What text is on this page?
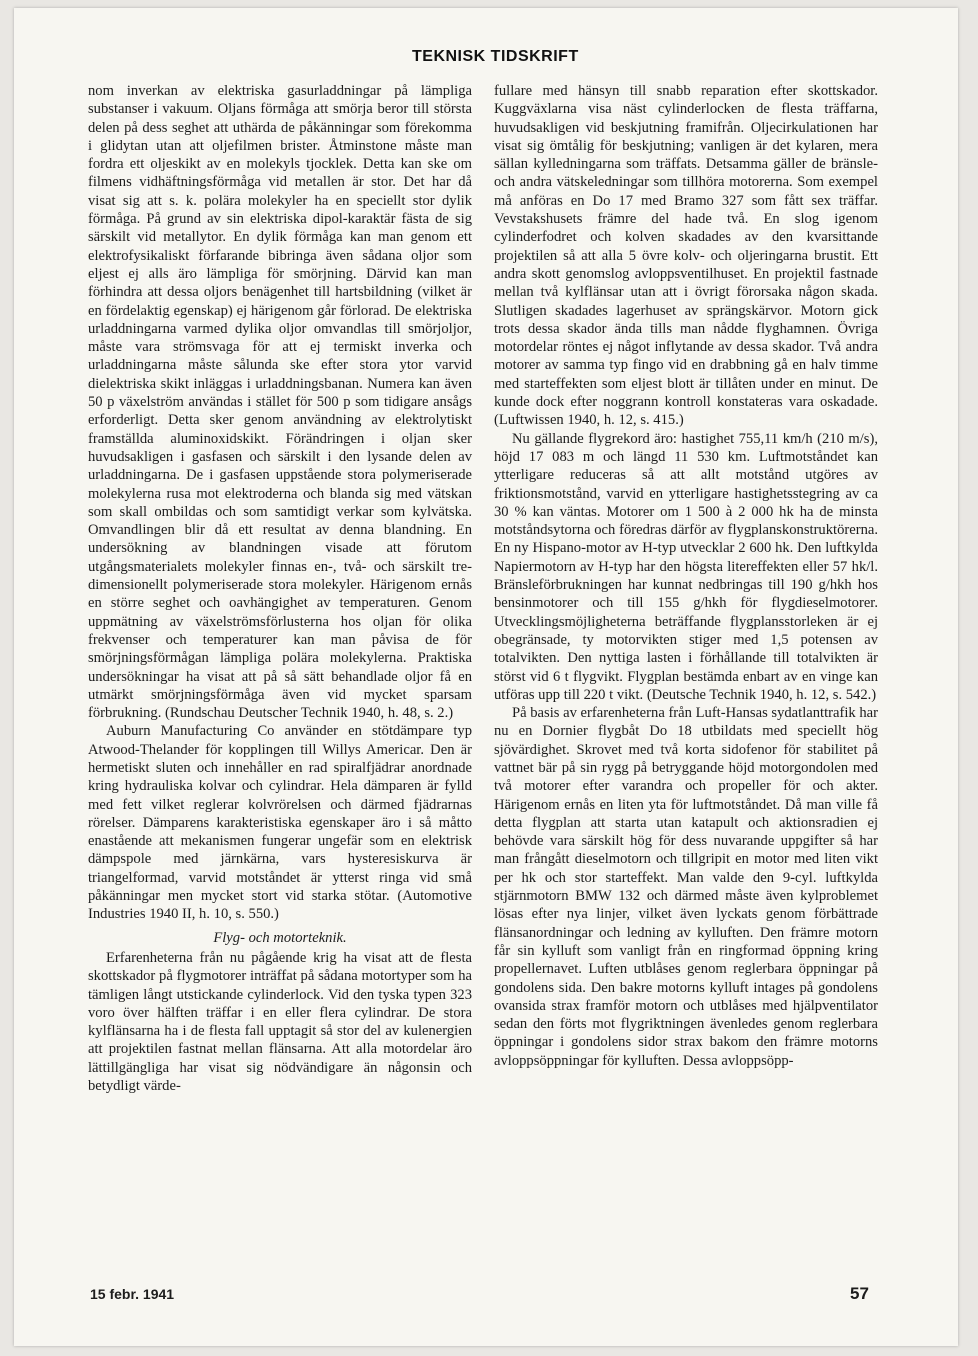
TEKNISK TIDSKRIFT

nom inverkan av elektriska gasurladdningar på lämpliga substanser i vakuum. Oljans förmåga att smörja beror till största delen på dess seghet att uthärda de påkänningar som förekomma i glidytan utan att oljefilmen brister. Åtminstone måste man fordra ett oljeskikt av en molekyls tjocklek. Detta kan ske om filmens vidhäftningsförmåga vid metallen är stor. Det har då visat sig att s. k. polära molekyler ha en speciellt stor dylik förmåga. På grund av sin elektriska dipol-karaktär fästa de sig särskilt vid metallytor. En dylik förmåga kan man genom ett elektrofysikaliskt förfarande bibringa även sådana oljor som eljest ej alls äro lämpliga för smörjning. Därvid kan man förhindra att dessa oljors benägenhet till hartsbildning (vilket är en fördelaktig egenskap) ej härigenom går förlorad. De elektriska urladdningarna varmed dylika oljor omvandlas till smörjoljor, måste vara strömsvaga för att ej termiskt inverka och urladdningarna måste sålunda ske efter stora ytor varvid dielektriska skikt inläggas i urladdningsbanan. Numera kan även 50 p växelström användas i stället för 500 p som tidigare ansågs erforderligt. Detta sker genom användning av elektrolytiskt framställda aluminoxidskikt. Förändringen i oljan sker huvudsakligen i gasfasen och särskilt i den lysande delen av urladdningarna. De i gasfasen uppstående stora polymeriserade molekylerna rusa mot elektroderna och blanda sig med vätskan som skall ombildas och som samtidigt verkar som kylvätska. Omvandlingen blir då ett resultat av denna blandning. En undersökning av blandningen visade att förutom utgångsmaterialets molekyler finnas en-, två- och särskilt tre-dimensionellt polymeriserade stora molekyler. Härigenom ernås en större seghet och oavhängighet av temperaturen. Genom uppmätning av växelströmsförlusterna hos oljan för olika frekvenser och temperaturer kan man påvisa de för smörjningsförmågan lämpliga polära molekylerna. Praktiska undersökningar ha visat att på så sätt behandlade oljor få en utmärkt smörjningsförmåga även vid mycket sparsam förbrukning. (Rundschau Deutscher Technik 1940, h. 48, s. 2.)

Auburn Manufacturing Co använder en stötdämpare typ Atwood-Thelander för kopplingen till Willys Americar. Den är hermetiskt sluten och innehåller en rad spiralfjädrar anordnade kring hydrauliska kolvar och cylindrar. Hela dämparen är fylld med fett vilket reglerar kolvrörelsen och därmed fjädrarnas rörelser. Dämparens karakteristiska egenskaper äro i så måtto enastående att mekanismen fungerar ungefär som en elektrisk dämpspole med järnkärna, vars hysteresiskurva är triangelformad, varvid motståndet är ytterst ringa vid små påkänningar men mycket stort vid starka stötar. (Automotive Industries 1940 II, h. 10, s. 550.)

Flyg- och motorteknik.

Erfarenheterna från nu pågående krig ha visat att de flesta skottskador på flygmotorer inträffat på sådana motortyper som ha tämligen långt utstickande cylinderlock. Vid den tyska typen 323 voro över hälften träffar i en eller flera cylindrar. De stora kylflänsarna ha i de flesta fall upptagit så stor del av kulenergien att projektilen fastnat mellan flänsarna. Att alla motordelar äro lättillgängliga har visat sig nödvändigare än någonsin och betydligt värde-

fullare med hänsyn till snabb reparation efter skottskador. Kuggväxlarna visa näst cylinderlocken de flesta träffarna, huvudsakligen vid beskjutning framifrån. Oljecirkulationen har visat sig ömtålig för beskjutning; vanligen är det kylaren, mera sällan kylledningarna som träffats. Detsamma gäller de bränsle- och andra vätskeledningar som tillhöra motorerna. Som exempel må anföras en Do 17 med Bramo 327 som fått sex träffar. Vevstakshusets främre del hade två. En slog igenom cylinderfodret och kolven skadades av den kvarsittande projektilen så att alla 5 övre kolv- och oljeringarna brustit. Ett andra skott genomslog avloppsventilhuset. En projektil fastnade mellan två kylflänsar utan att i övrigt förorsaka någon skada. Slutligen skadades lagerhuset av sprängskärvor. Motorn gick trots dessa skador ända tills man nådde flyghamnen. Övriga motordelar röntes ej något inflytande av dessa skador. Två andra motorer av samma typ fingo vid en drabbning gå en halv timme med starteffekten som eljest blott är tillåten under en minut. De kunde dock efter noggrann kontroll konstateras vara oskadade. (Luftwissen 1940, h. 12, s. 415.)

Nu gällande flygrekord äro: hastighet 755,11 km/h (210 m/s), höjd 17 083 m och längd 11 530 km. Luftmotståndet kan ytterligare reduceras så att allt motstånd utgöres av friktionsmotstånd, varvid en ytterligare hastighetsstegring av ca 30 % kan väntas. Motorer om 1 500 à 2 000 hk ha de minsta motståndsytorna och föredras därför av flygplanskonstruktörerna. En ny Hispano-motor av H-typ utvecklar 2 600 hk. Den luftkylda Napiermotorn av H-typ har den högsta litereffekten eller 57 hk/l. Bränsleförbrukningen har kunnat nedbringas till 190 g/hkh hos bensinmotorer och till 155 g/hkh för flygdieselmotorer. Utvecklingsmöjligheterna beträffande flygplansstorleken är ej obegränsade, ty motorvikten stiger med 1,5 potensen av totalvikten. Den nyttiga lasten i förhållande till totalvikten är störst vid 6 t flygvikt. Flygplan bestämda enbart av en vinge kan utföras upp till 220 t vikt. (Deutsche Technik 1940, h. 12, s. 542.)

På basis av erfarenheterna från Luft-Hansas sydatlanttrafik har nu en Dornier flygbåt Do 18 utbildats med speciellt hög sjövärdighet. Skrovet med två korta sidofenor för stabilitet på vattnet bär på sin rygg på betryggande höjd motorgondolen med två motorer efter varandra och propeller för och akter. Härigenom ernås en liten yta för luftmotståndet. Då man ville få detta flygplan att starta utan katapult och aktionsradien ej behövde vara särskilt hög för dess nuvarande uppgifter så har man frångått dieselmotorn och tillgripit en motor med liten vikt per hk och stor starteffekt. Man valde den 9-cyl. luftkylda stjärnmotorn BMW 132 och därmed måste även kylproblemet lösas efter nya linjer, vilket även lyckats genom förbättrade flänsanordningar och ledning av kylluften. Den främre motorn får sin kylluft som vanligt från en ringformad öppning kring propellernavet. Luften utblåses genom reglerbara öppningar på gondolens sida. Den bakre motorns kylluft intages på gondolens ovansida strax framför motorn och utblåses med hjälpventilator sedan den förts mot flygriktningen ävenledes genom reglerbara öppningar i gondolens sidor strax bakom den främre motorns avloppsöppningar för kylluften. Dessa avloppsöpp-

15 febr. 1941	57
